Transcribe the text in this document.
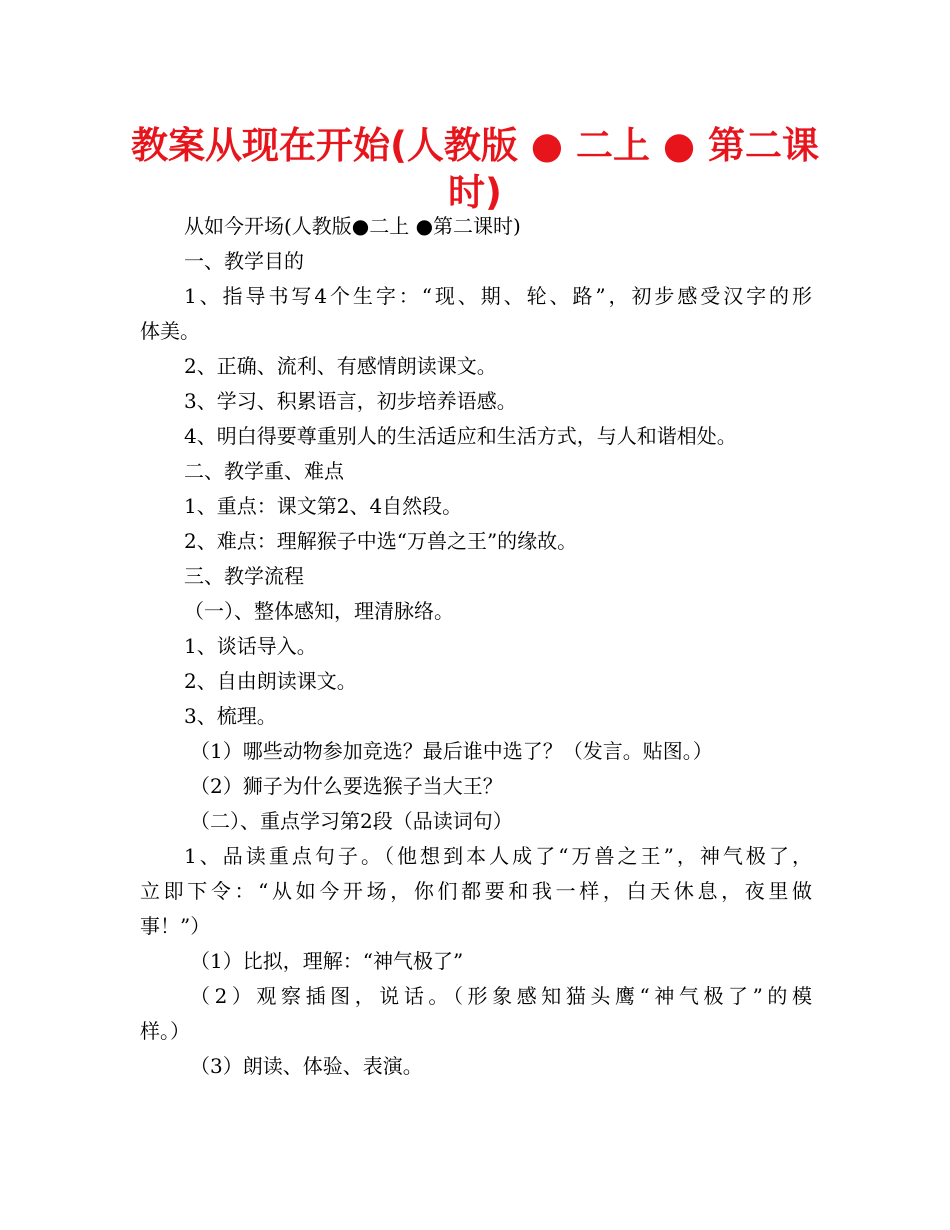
教案从现在开始(人教版 ● 二上 ● 第二课时)
从如今开场(人教版●二上 ●第二课时)
一、教学目的
1、指导书写4个生字：“现、期、轮、路”，初步感受汉字的形
体美。
2、正确、流利、有感情朗读课文。
3、学习、积累语言，初步培养语感。
4、明白得要尊重别人的生活适应和生活方式，与人和谐相处。
二、教学重、难点
1、重点：课文第2、4自然段。
2、难点：理解猴子中选“万兽之王”的缘故。
三、教学流程
（一）、整体感知，理清脉络。
1、谈话导入。
2、自由朗读课文。
3、梳理。
（1）哪些动物参加竞选？最后谁中选了？（发言。贴图。）
（2）狮子为什么要选猴子当大王？
（二）、重点学习第2段（品读词句）
1、品读重点句子。（他想到本人成了“万兽之王”，神气极了，
立即下令：“从如今开场，你们都要和我一样，白天休息，夜里做
事！”）
（1）比拟，理解：“神气极了”
（2）观察插图，说话。（形象感知猫头鹰“神气极了”的模
样。）
（3）朗读、体验、表演。
